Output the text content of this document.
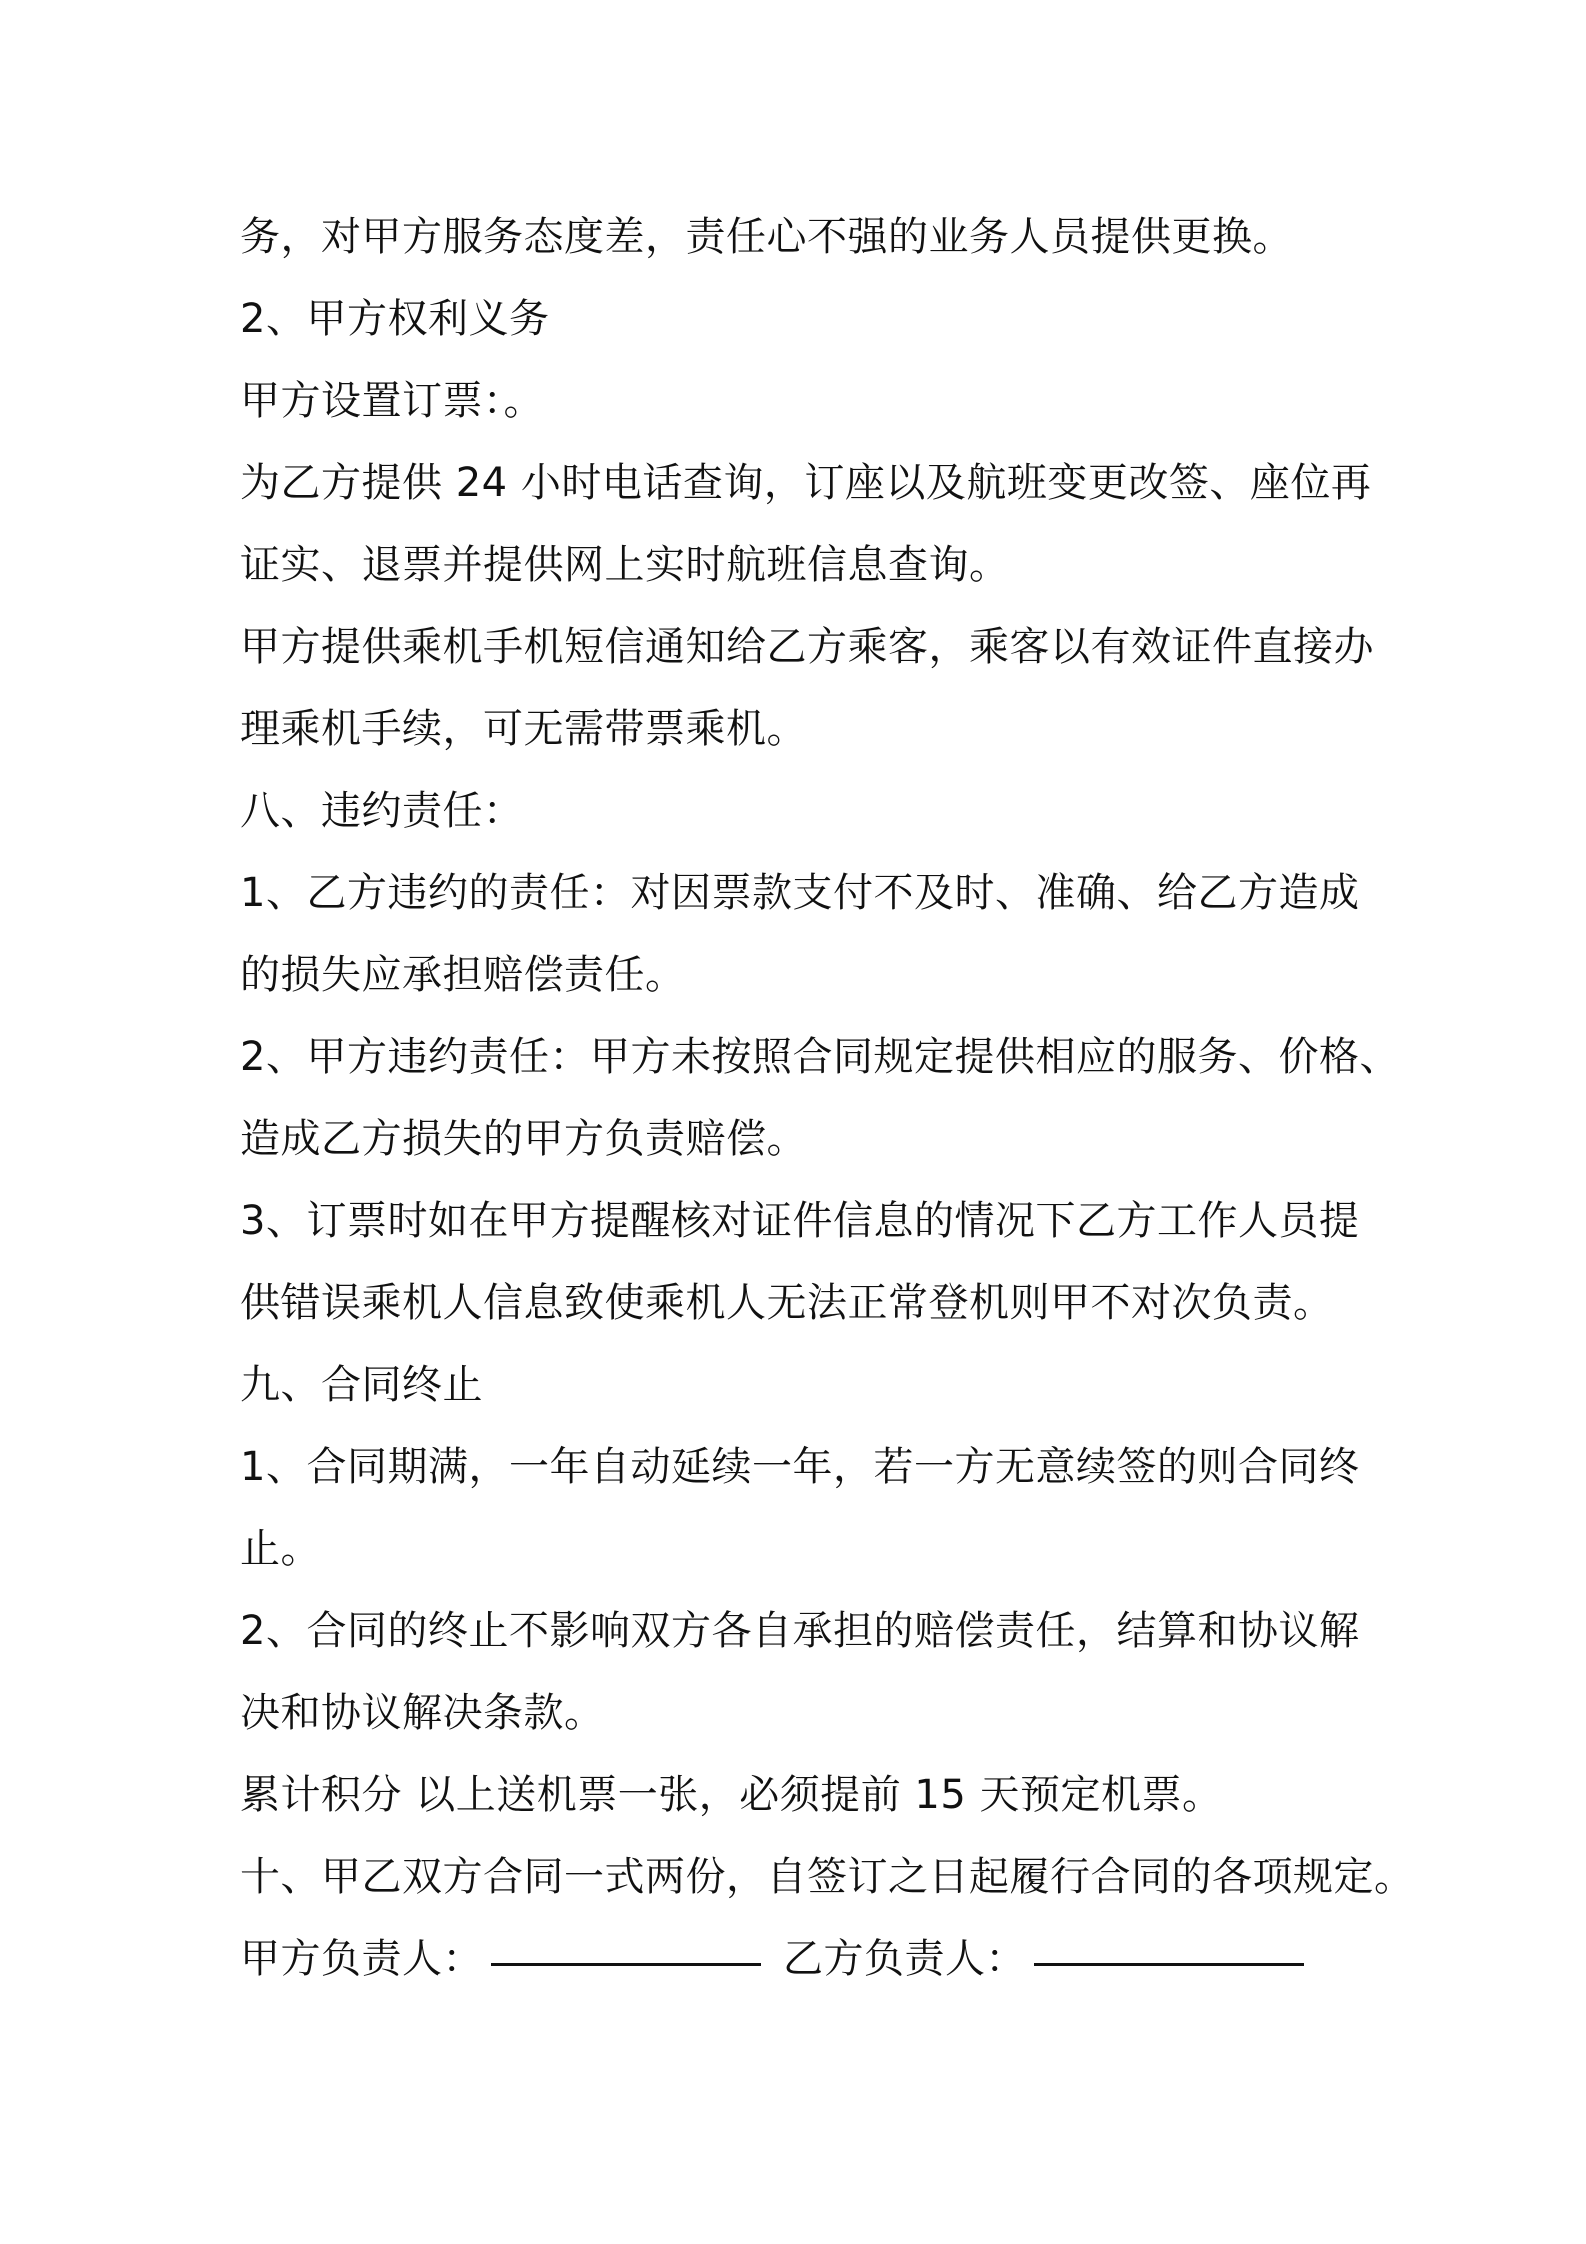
务，对甲方服务态度差，责任心不强的业务人员提供更换。
2、甲方权利义务
甲方设置订票：。
为乙方提供 24 小时电话查询，订座以及航班变更改签、座位再
证实、退票并提供网上实时航班信息查询。
甲方提供乘机手机短信通知给乙方乘客，乘客以有效证件直接办
理乘机手续，可无需带票乘机。
八、违约责任：
1、乙方违约的责任：对因票款支付不及时、准确、给乙方造成
的损失应承担赔偿责任。
2、甲方违约责任：甲方未按照合同规定提供相应的服务、价格、
造成乙方损失的甲方负责赔偿。
3、订票时如在甲方提醒核对证件信息的情况下乙方工作人员提
供错误乘机人信息致使乘机人无法正常登机则甲不对次负责。
九、合同终止
1、合同期满，一年自动延续一年，若一方无意续签的则合同终
止。
2、合同的终止不影响双方各自承担的赔偿责任，结算和协议解
决和协议解决条款。
累计积分 以上送机票一张，必须提前 15 天预定机票。
十、甲乙双方合同一式两份，自签订之日起履行合同的各项规定。
甲方负责人：	乙方负责人：
